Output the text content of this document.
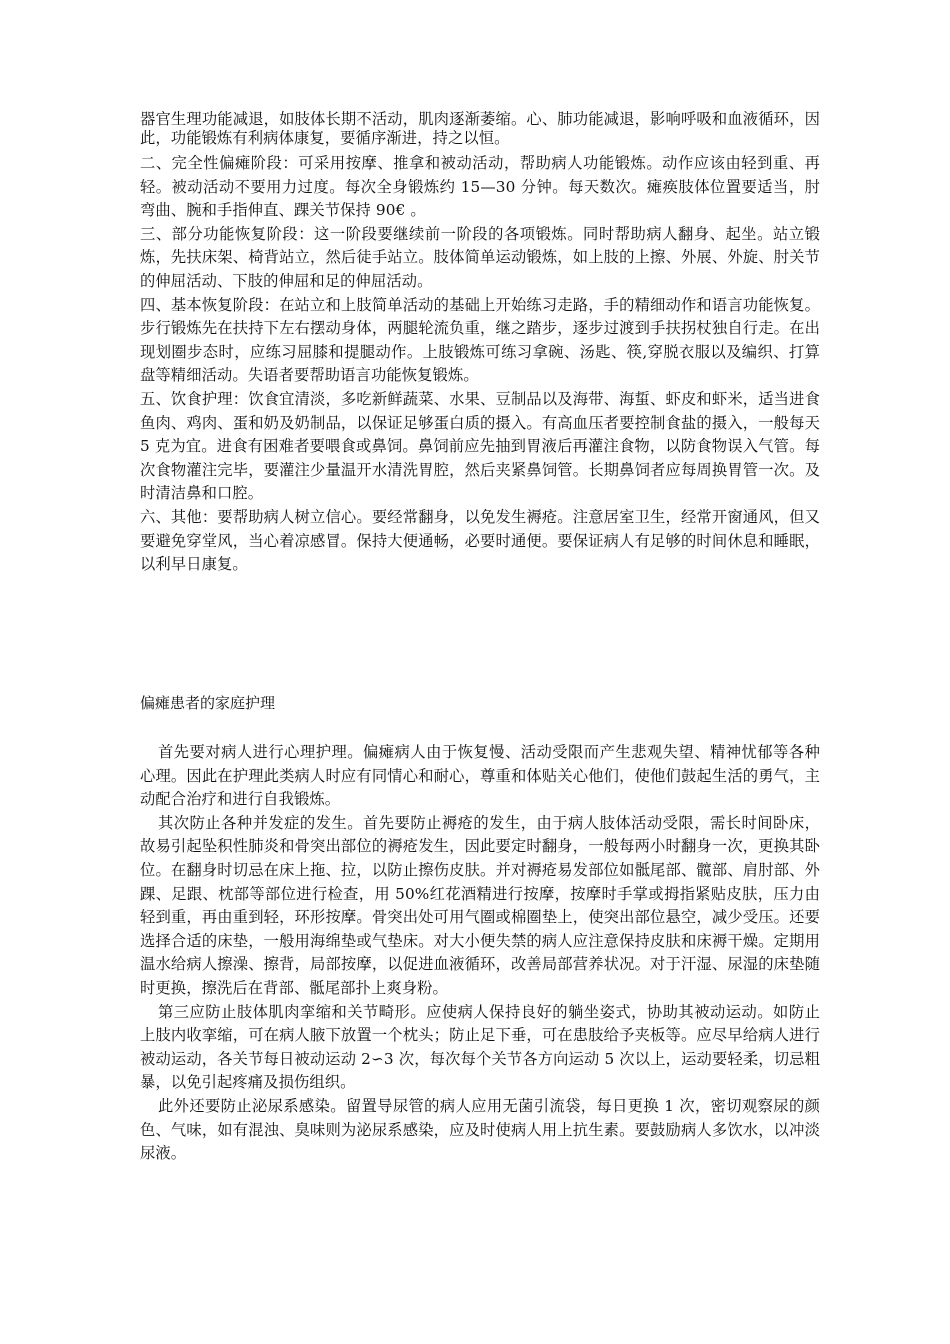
器官生理功能减退，如肢体长期不活动，肌肉逐渐萎缩。心、肺功能减退，影响呼吸和血液循环，因此，功能锻炼有利病体康复，要循序渐进，持之以恒。

二、完全性偏瘫阶段：可采用按摩、推拿和被动活动，帮助病人功能锻炼。动作应该由轻到重、再轻。被动活动不要用力过度。每次全身锻炼约 15—30 分钟。每天数次。瘫痪肢体位置要适当，肘弯曲、腕和手指伸直、踝关节保持 90€ 。

三、部分功能恢复阶段：这一阶段要继续前一阶段的各项锻炼。同时帮助病人翻身、起坐。站立锻炼，先扶床架、椅背站立，然后徒手站立。肢体简单运动锻炼，如上肢的上擦、外展、外旋、肘关节的伸屈活动、下肢的伸屈和足的伸屈活动。

四、基本恢复阶段：在站立和上肢简单活动的基础上开始练习走路，手的精细动作和语言功能恢复。步行锻炼先在扶持下左右摆动身体，两腿轮流负重，继之踏步，逐步过渡到手扶拐杖独自行走。在出现划圈步态时，应练习屈膝和提腿动作。上肢锻炼可练习拿碗、汤匙、筷,穿脱衣服以及编织、打算盘等精细活动。失语者要帮助语言功能恢复锻炼。

五、饮食护理：饮食宜清淡，多吃新鲜蔬菜、水果、豆制品以及海带、海蜇、虾皮和虾米，适当进食鱼肉、鸡肉、蛋和奶及奶制品，以保证足够蛋白质的摄入。有高血压者要控制食盐的摄入，一般每天 5 克为宜。进食有困难者要喂食或鼻饲。鼻饲前应先抽到胃液后再灌注食物，以防食物误入气管。每次食物灌注完毕，要灌注少量温开水清洗胃腔，然后夹紧鼻饲管。长期鼻饲者应每周换胃管一次。及时清洁鼻和口腔。

六、其他：要帮助病人树立信心。要经常翻身，以免发生褥疮。注意居室卫生，经常开窗通风，但又要避免穿堂风，当心着凉感冒。保持大便通畅，必要时通便。要保证病人有足够的时间休息和睡眠，以利早日康复。

偏瘫患者的家庭护理

首先要对病人进行心理护理。偏瘫病人由于恢复慢、活动受限而产生悲观失望、精神忧郁等各种心理。因此在护理此类病人时应有同情心和耐心，尊重和体贴关心他们，使他们鼓起生活的勇气，主动配合治疗和进行自我锻炼。

其次防止各种并发症的发生。首先要防止褥疮的发生，由于病人肢体活动受限，需长时间卧床，故易引起坠积性肺炎和骨突出部位的褥疮发生，因此要定时翻身，一般每两小时翻身一次，更换其卧位。在翻身时切忌在床上拖、拉，以防止擦伤皮肤。并对褥疮易发部位如骶尾部、髋部、肩肘部、外踝、足跟、枕部等部位进行检查，用 50%红花酒精进行按摩，按摩时手掌或拇指紧贴皮肤，压力由轻到重，再由重到轻，环形按摩。骨突出处可用气圈或棉圈垫上，使突出部位悬空，减少受压。还要选择合适的床垫，一般用海绵垫或气垫床。对大小便失禁的病人应注意保持皮肤和床褥干燥。定期用温水给病人擦澡、擦背，局部按摩，以促进血液循环，改善局部营养状况。对于汗湿、尿湿的床垫随时更换，擦洗后在背部、骶尾部扑上爽身粉。

第三应防止肢体肌肉挛缩和关节畸形。应使病人保持良好的躺坐姿式，协助其被动运动。如防止上肢内收挛缩，可在病人腋下放置一个枕头；防止足下垂，可在患肢给予夹板等。应尽早给病人进行被动运动，各关节每日被动运动 2∽3 次，每次每个关节各方向运动 5 次以上，运动要轻柔，切忌粗暴，以免引起疼痛及损伤组织。

此外还要防止泌尿系感染。留置导尿管的病人应用无菌引流袋，每日更换 1 次，密切观察尿的颜色、气味，如有混浊、臭味则为泌尿系感染，应及时使病人用上抗生素。要鼓励病人多饮水，以冲淡尿液。
